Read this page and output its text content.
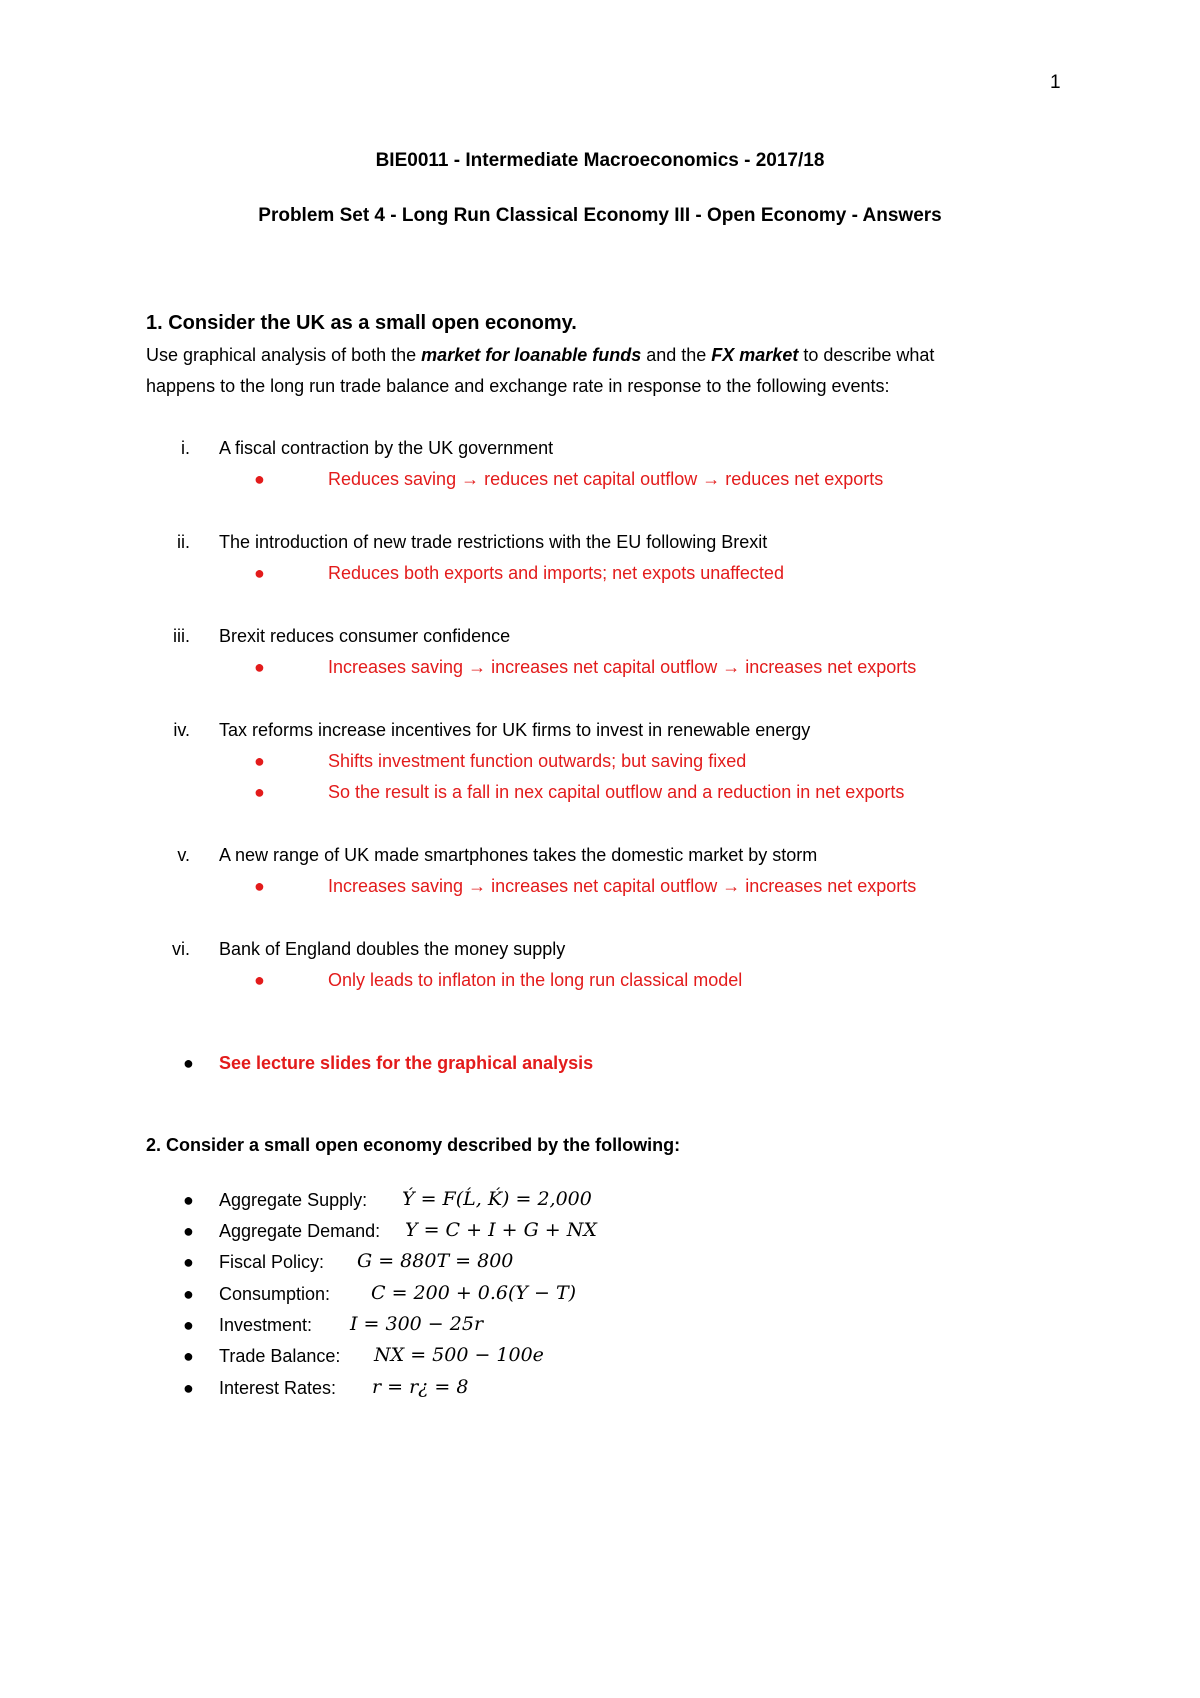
1
BIE0011 - Intermediate Macroeconomics - 2017/18
Problem Set 4 - Long Run Classical Economy III - Open Economy - Answers
1. Consider the UK as a small open economy.
Use graphical analysis of both the market for loanable funds and the FX market to describe what
happens to the long run trade balance and exchange rate in response to the following events:
i. A fiscal contraction by the UK government
●	Reduces saving → reduces net capital outflow → reduces net exports
ii. The introduction of new trade restrictions with the EU following Brexit
●	Reduces both exports and imports; net expots unaffected
iii. Brexit reduces consumer confidence
●	Increases saving → increases net capital outflow → increases net exports
iv. Tax reforms increase incentives for UK firms to invest in renewable energy
●	Shifts investment function outwards; but saving fixed
●	So the result is a fall in nex capital outflow and a reduction in net exports
v. A new range of UK made smartphones takes the domestic market by storm
●	Increases saving → increases net capital outflow → increases net exports
vi. Bank of England doubles the money supply
●	Only leads to inflaton in the long run classical model
● See lecture slides for the graphical analysis
2. Consider a small open economy described by the following:
● Aggregate Supply: Ý = F(Ĺ, Ḱ) = 2,000
● Aggregate Demand: Y = C + I + G + NX
● Fiscal Policy: G = 880T = 800
● Consumption: C = 200 + 0.6(Y − T)
● Investment: I = 300 − 25r
● Trade Balance: NX = 500 − 100e
● Interest Rates: r = r¿ = 8
